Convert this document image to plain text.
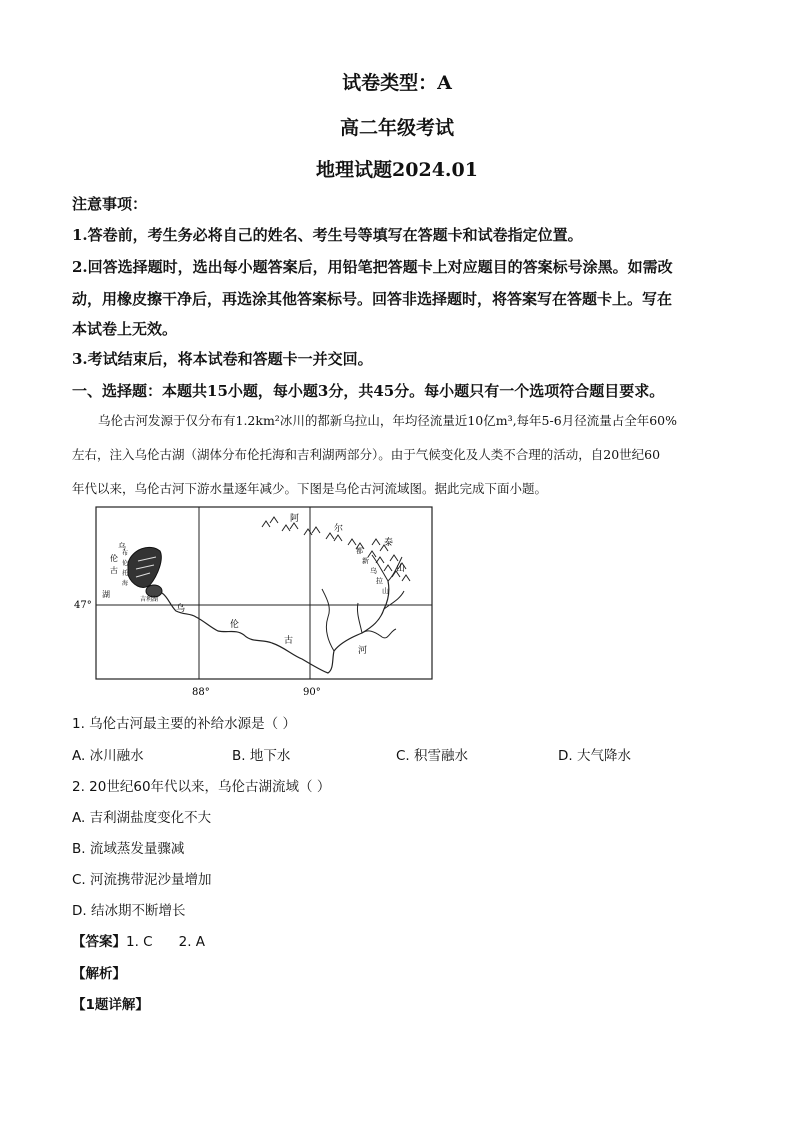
试卷类型：A
高二年级考试
地理试题2024.01
注意事项：
1.答卷前，考生务必将自己的姓名、考生号等填写在答题卡和试卷指定位置。
2.回答选择题时，选出每小题答案后，用铅笔把答题卡上对应题目的答案标号涂黑。如需改
动，用橡皮擦干净后，再选涂其他答案标号。回答非选择题时，将答案写在答题卡上。写在
本试卷上无效。
3.考试结束后，将本试卷和答题卡一并交回。
一、选择题：本题共15小题，每小题3分，共45分。每小题只有一个选项符合题目要求。
乌伦古河发源于仅分布有1.2km²冰川的都新乌拉山，年均径流量近10亿m³,每年5-6月径流量占全年60%
左右，注入乌伦古湖（湖体分布伦托海和吉利湖两部分）。由于气候变化及人类不合理的活动，自20世纪60
年代以来，乌伦古河下游水量逐年减少。下图是乌伦古河流域图。据此完成下面小题。
47°
88°	90°
阿
尔
泰
山
都
新
乌
拉
山
乌
伦
古
河
乌
伦
古
湖
布
伦
托
海
吉利湖
1. 乌伦古河最主要的补给水源是（ ）
A. 冰川融水	B. 地下水	C. 积雪融水	D. 大气降水
2. 20世纪60年代以来，乌伦古湖流域（ ）
A. 吉利湖盐度变化不大
B. 流域蒸发量骤减
C. 河流携带泥沙量增加
D. 结冰期不断增长
【答案】1. C 2. A
【解析】
【1题详解】
